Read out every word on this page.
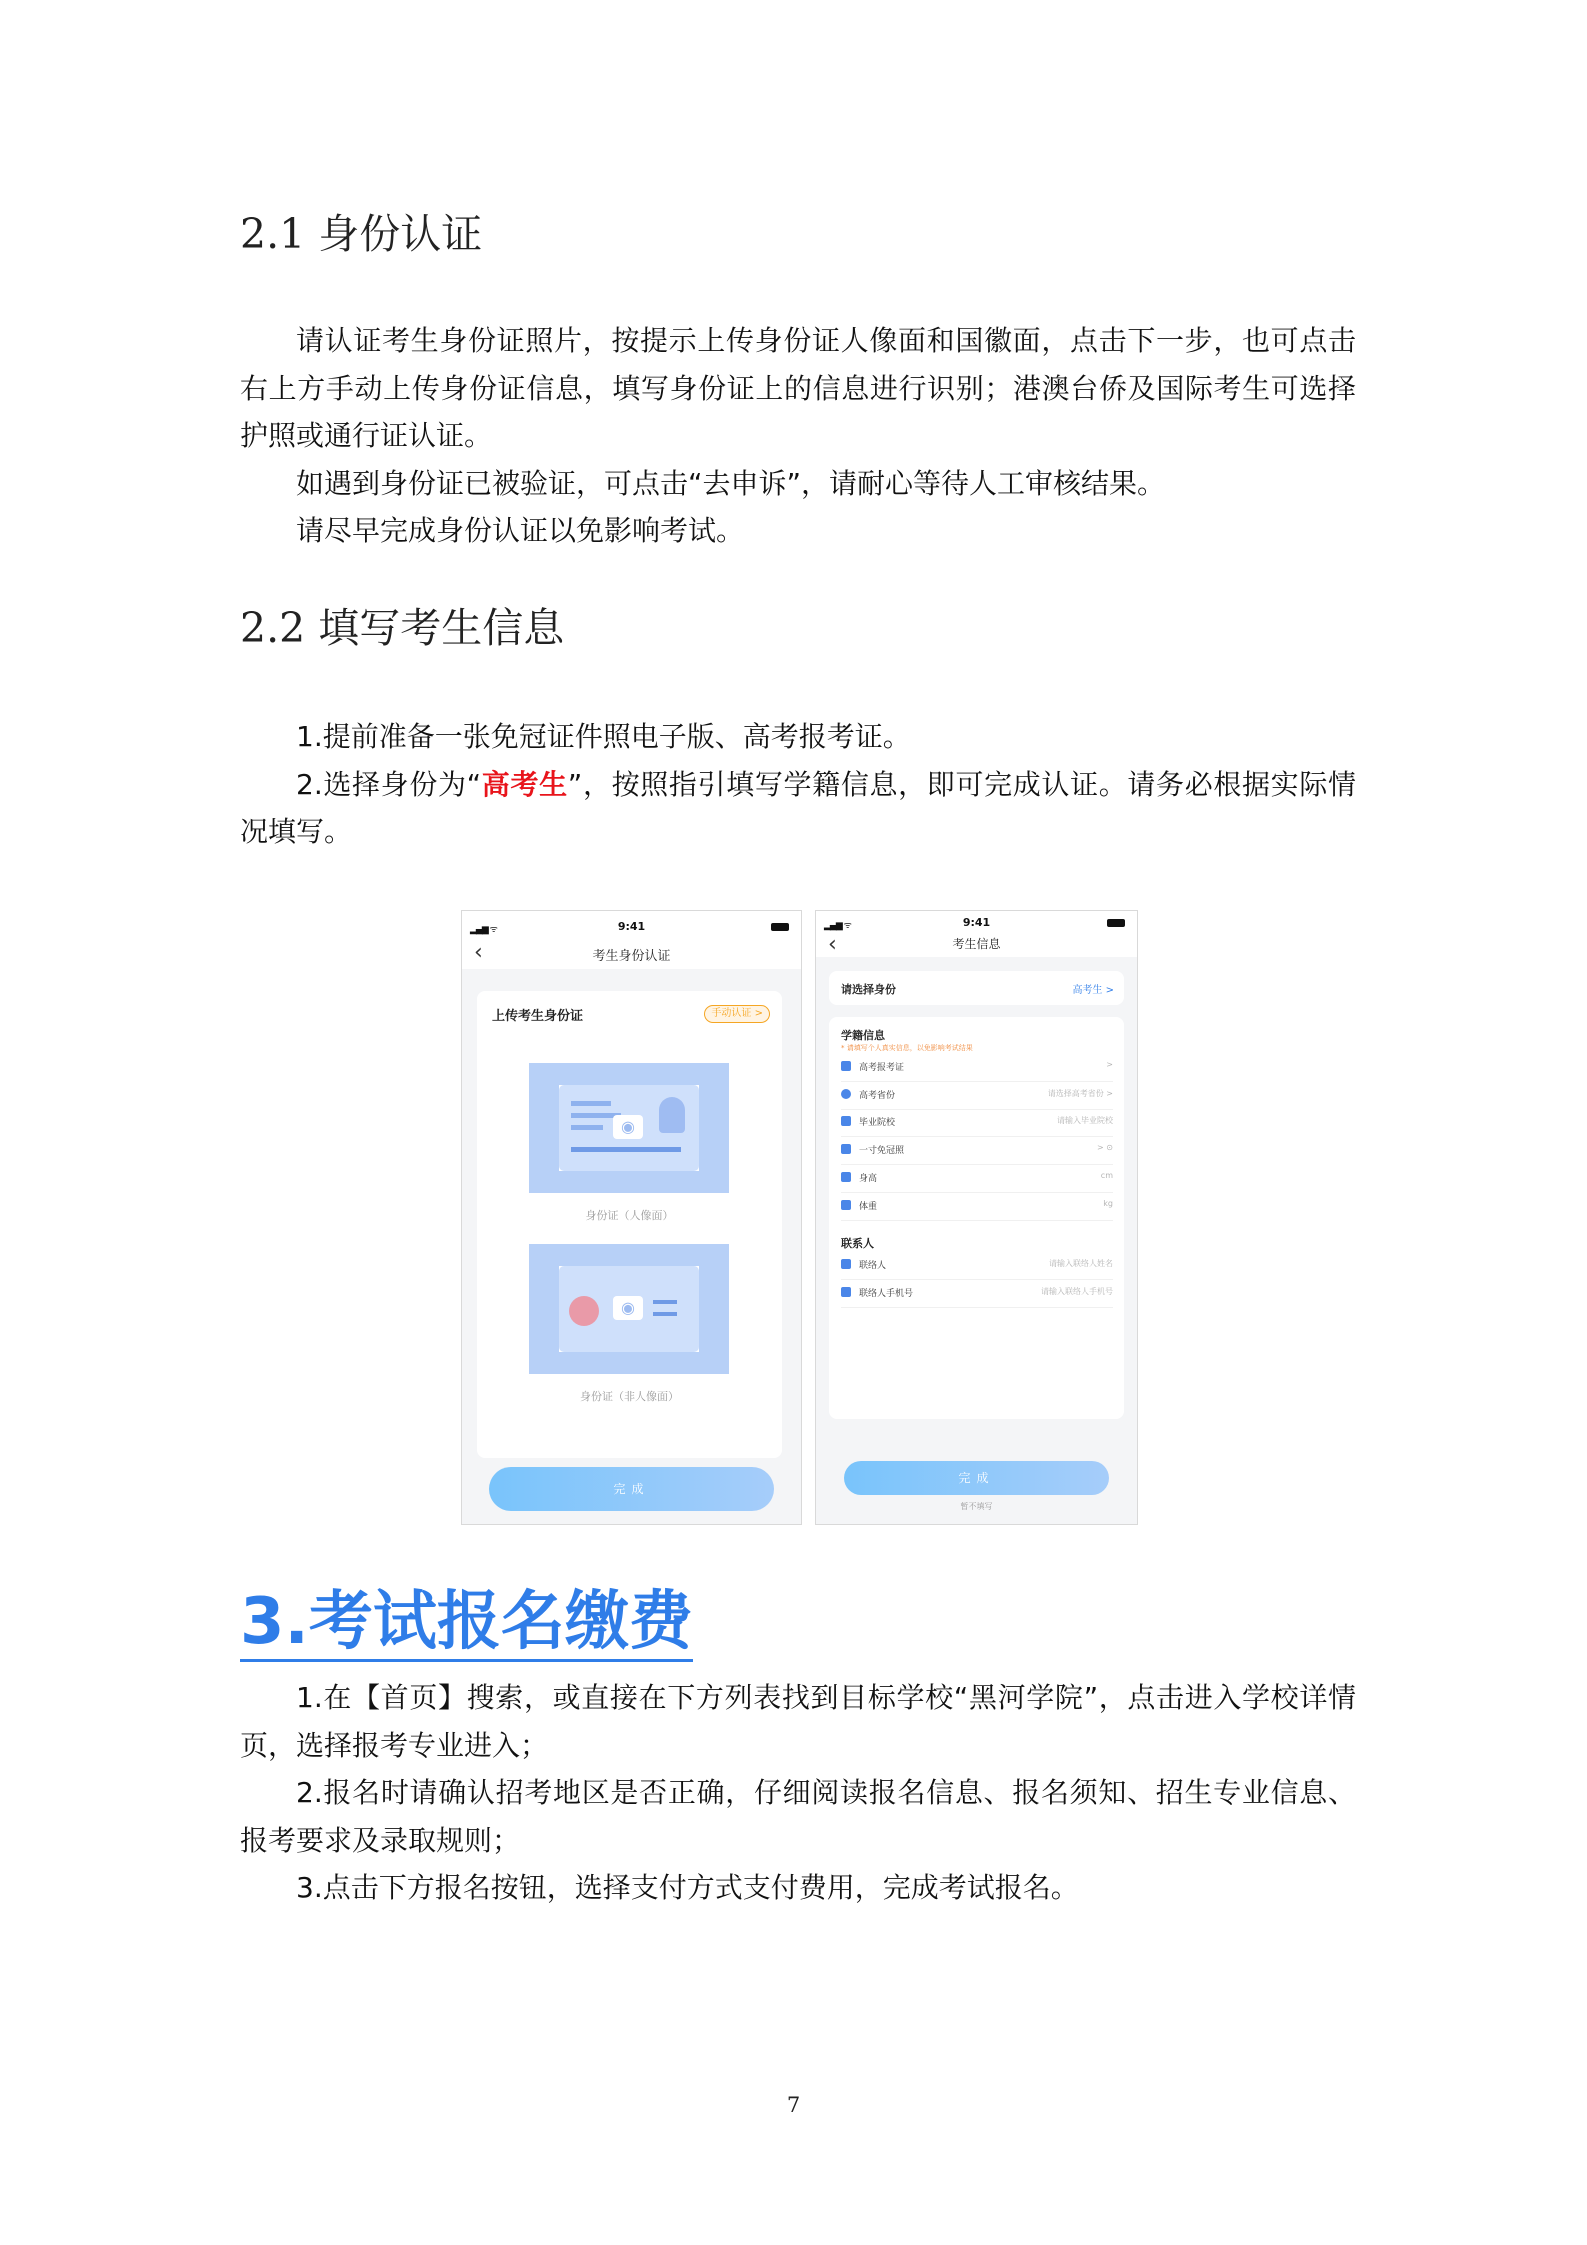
2.1 身份认证

请认证考生身份证照片，按提示上传身份证人像面和国徽面，点击下一步，也可点击右上方手动上传身份证信息，填写身份证上的信息进行识别；港澳台侨及国际考生可选择护照或通行证认证。

如遇到身份证已被验证，可点击“去申诉”，请耐心等待人工审核结果。

请尽早完成身份认证以免影响考试。

2.2 填写考生信息

1.提前准备一张免冠证件照电子版、高考报考证。

2.选择身份为“高考生”，按照指引填写学籍信息，即可完成认证。请务必根据实际情况填写。

▂▄▆ ᯤ	9:41
‹	考生身份认证
上传考生身份证	手动认证 >
◉
身份证（人像面）
◉
身份证（非人像面）
完成
▂▄▆ ᯤ	9:41
‹	考生信息
请选择身份	高考生 >
学籍信息
* 请填写个人真实信息，以免影响考试结果
高考报考证	>
高考省份	请选择高考省份 >
毕业院校	请输入毕业院校
一寸免冠照	> ⊙
身高	cm
体重	kg
联系人
联络人	请输入联络人姓名
联络人手机号	请输入联络人手机号
完成
暂不填写
3.考试报名缴费

1.在【首页】搜索，或直接在下方列表找到目标学校“黑河学院”，点击进入学校详情页，选择报考专业进入；

2.报名时请确认招考地区是否正确，仔细阅读报名信息、报名须知、招生专业信息、报考要求及录取规则；

3.点击下方报名按钮，选择支付方式支付费用，完成考试报名。

7
